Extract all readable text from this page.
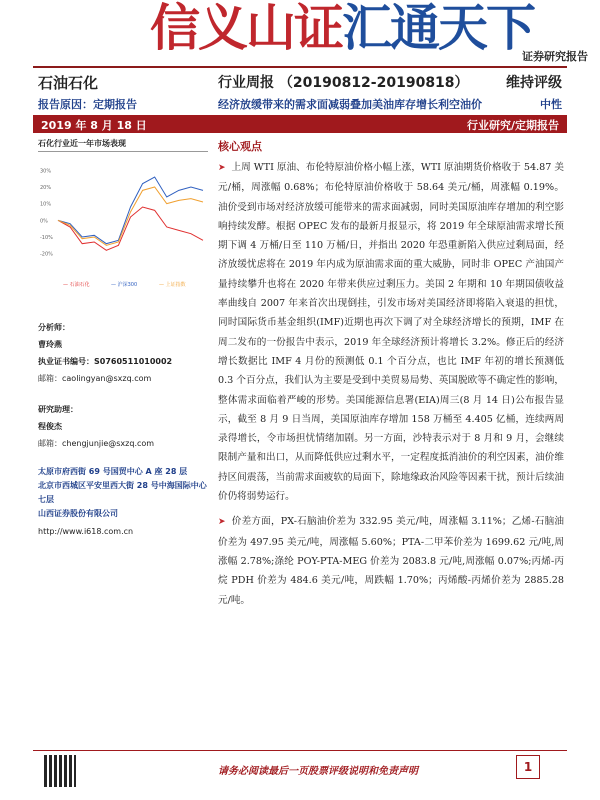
信义山证汇通天下
证券研究报告
石油石化	行业周报 （20190812-20190818）	维持评级
报告原因：定期报告	经济放缓带来的需求面减弱叠加美油库存增长利空油价	中性
2019 年 8 月 18 日	行业研究/定期报告
石化行业近一年市场表现
-20%
-10%
0%
10%
20%
30%
— 石油石化	— 沪深300	— 上证指数
分析师：
曹玲燕
执业证书编号：S0760511010002
邮箱：caolingyan@sxzq.com
研究助理：
程俊杰
邮箱：chengjunjie@sxzq.com
太原市府西街 69 号国贸中心 A 座 28 层
北京市西城区平安里西大街 28 号中海国际中心七层
山西证券股份有限公司
http://www.i618.com.cn
核心观点
➤ 上周 WTI 原油、布伦特原油价格小幅上涨，WTI 原油期货价格收于 54.87 美元/桶，周涨幅 0.68%；布伦特原油价格收于 58.64 美元/桶，周涨幅 0.19%。油价受到市场对经济放缓可能带来的需求面减弱，同时美国原油库存增加的利空影响持续发酵。根据 OPEC 发布的最新月报显示，将 2019 年全球原油需求增长预期下调 4 万桶/日至 110 万桶/日，并指出 2020 年恐重新陷入供应过剩局面，经济放缓忧虑将在 2019 年内成为原油需求面的重大威胁，同时非 OPEC 产油国产量持续攀升也将在 2020 年带来供应过剩压力。美国 2 年期和 10 年期国债收益率曲线自 2007 年来首次出现倒挂，引发市场对美国经济即将陷入衰退的担忧，同时国际货币基金组织(IMF)近期也再次下调了对全球经济增长的预期，IMF 在周二发布的一份报告中表示，2019 年全球经济预计将增长 3.2%。修正后的经济增长数据比 IMF 4 月份的预测低 0.1 个百分点，也比 IMF 年初的增长预测低 0.3 个百分点，我们认为主要是受到中美贸易局势、英国脱欧等不确定性的影响，整体需求面临着严峻的形势。美国能源信息署(EIA)周三(8 月 14 日)公布报告显示，截至 8 月 9 日当周，美国原油库存增加 158 万桶至 4.405 亿桶，连续两周录得增长，令市场担忧情绪加剧。另一方面，沙特表示对于 8 月和 9 月，会继续限制产量和出口，从而降低供应过剩水平，一定程度抵消油价的利空因素，油价维持区间震荡，当前需求面疲软的局面下，除地缘政治风险等因素干扰，预计后续油价仍将弱势运行。
➤ 价差方面，PX-石脑油价差为 332.95 美元/吨，周涨幅 3.11%；乙烯-石脑油价差为 497.95 美元/吨，周涨幅 5.60%；PTA-二甲苯价差为 1699.62 元/吨,周涨幅 2.78%;涤纶 POY-PTA-MEG 价差为 2083.8 元/吨,周涨幅 0.07%;丙烯-丙烷 PDH 价差为 484.6 美元/吨，周跌幅 1.70%；丙烯酸-丙烯价差为 2885.28 元/吨。
请务必阅读最后一页股票评级说明和免责声明	1
